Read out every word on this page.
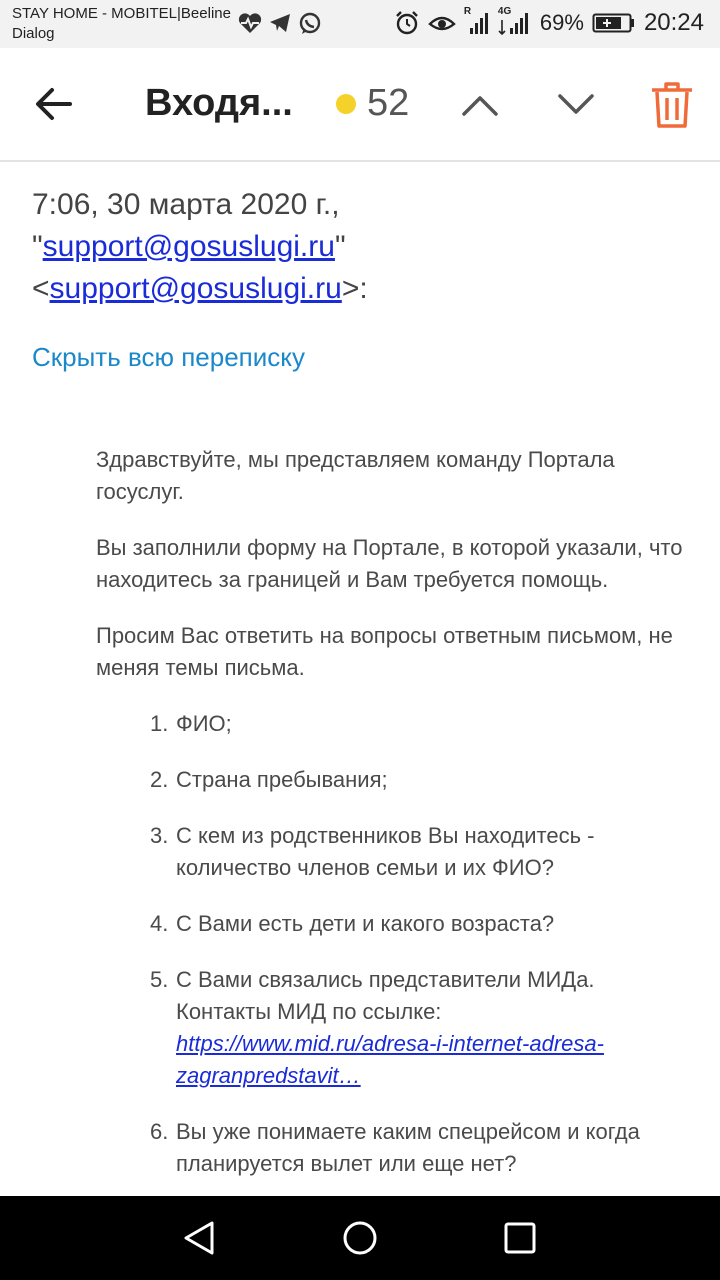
STAY HOME - MOBITEL|Beeline
Dialog
R	4G 69%	20:24
Входя... 52
7:06, 30 марта 2020 г.,
"support@gosuslugi.ru"
<support@gosuslugi.ru>:
Скрыть всю переписку

Здравствуйте, мы представляем команду Портала госуслуг.

Вы заполнили форму на Портале, в которой указали, что находитесь за границей и Вам требуется помощь.

Просим Вас ответить на вопросы ответным письмом, не меняя темы письма.

1. ФИО;
2. Страна пребывания;
3. С кем из родственников Вы находитесь - количество членов семьи и их ФИО?
4. С Вами есть дети и какого возраста?
5. С Вами связались представители МИДа. Контакты МИД по ссылке:
https://www.mid.ru/adresa-i-internet-adresa-zagranpredstavit…
6. Вы уже понимаете каким спецрейсом и когда планируется вылет или еще нет?
